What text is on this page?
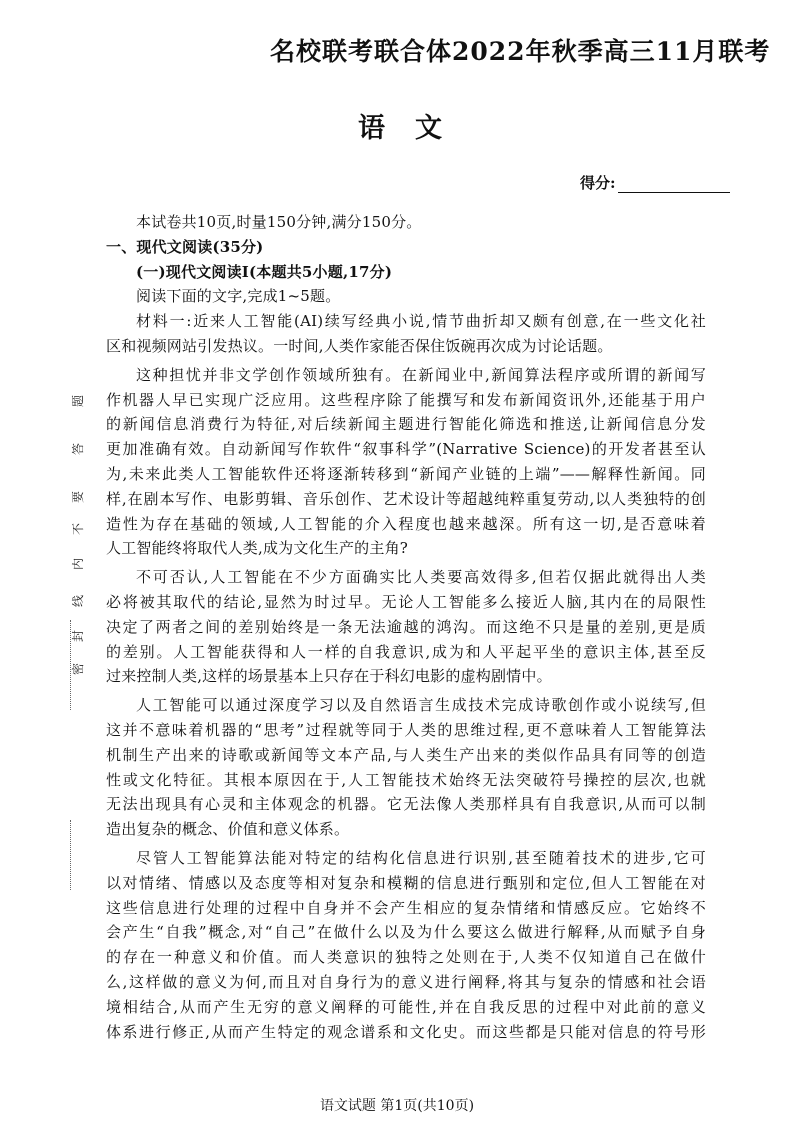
名校联考联合体2022年秋季高三11月联考
语文
得分:
题
答
要
不
内
线
封
密
本试卷共10页,时量150分钟,满分150分。
一、现代文阅读(35分)
(一)现代文阅读Ⅰ(本题共5小题,17分)
阅读下面的文字,完成1~5题。
材料一:近来人工智能(AI)续写经典小说,情节曲折却又颇有创意,在一些文化社
区和视频网站引发热议。一时间,人类作家能否保住饭碗再次成为讨论话题。
这种担忧并非文学创作领域所独有。在新闻业中,新闻算法程序或所谓的新闻写
作机器人早已实现广泛应用。这些程序除了能撰写和发布新闻资讯外,还能基于用户
的新闻信息消费行为特征,对后续新闻主题进行智能化筛选和推送,让新闻信息分发
更加准确有效。自动新闻写作软件“叙事科学”(Narrative Science)的开发者甚至认
为,未来此类人工智能软件还将逐渐转移到“新闻产业链的上端”——解释性新闻。同
样,在剧本写作、电影剪辑、音乐创作、艺术设计等超越纯粹重复劳动,以人类独特的创
造性为存在基础的领域,人工智能的介入程度也越来越深。所有这一切,是否意味着
人工智能终将取代人类,成为文化生产的主角?
不可否认,人工智能在不少方面确实比人类要高效得多,但若仅据此就得出人类
必将被其取代的结论,显然为时过早。无论人工智能多么接近人脑,其内在的局限性
决定了两者之间的差别始终是一条无法逾越的鸿沟。而这绝不只是量的差别,更是质
的差别。人工智能获得和人一样的自我意识,成为和人平起平坐的意识主体,甚至反
过来控制人类,这样的场景基本上只存在于科幻电影的虚构剧情中。
人工智能可以通过深度学习以及自然语言生成技术完成诗歌创作或小说续写,但
这并不意味着机器的“思考”过程就等同于人类的思维过程,更不意味着人工智能算法
机制生产出来的诗歌或新闻等文本产品,与人类生产出来的类似作品具有同等的创造
性或文化特征。其根本原因在于,人工智能技术始终无法突破符号操控的层次,也就
无法出现具有心灵和主体观念的机器。它无法像人类那样具有自我意识,从而可以制
造出复杂的概念、价值和意义体系。
尽管人工智能算法能对特定的结构化信息进行识别,甚至随着技术的进步,它可
以对情绪、情感以及态度等相对复杂和模糊的信息进行甄别和定位,但人工智能在对
这些信息进行处理的过程中自身并不会产生相应的复杂情绪和情感反应。它始终不
会产生“自我”概念,对“自己”在做什么以及为什么要这么做进行解释,从而赋予自身
的存在一种意义和价值。而人类意识的独特之处则在于,人类不仅知道自己在做什
么,这样做的意义为何,而且对自身行为的意义进行阐释,将其与复杂的情感和社会语
境相结合,从而产生无穷的意义阐释的可能性,并在自我反思的过程中对此前的意义
体系进行修正,从而产生特定的观念谱系和文化史。而这些都是只能对信息的符号形
语文试题 第1页(共10页)
